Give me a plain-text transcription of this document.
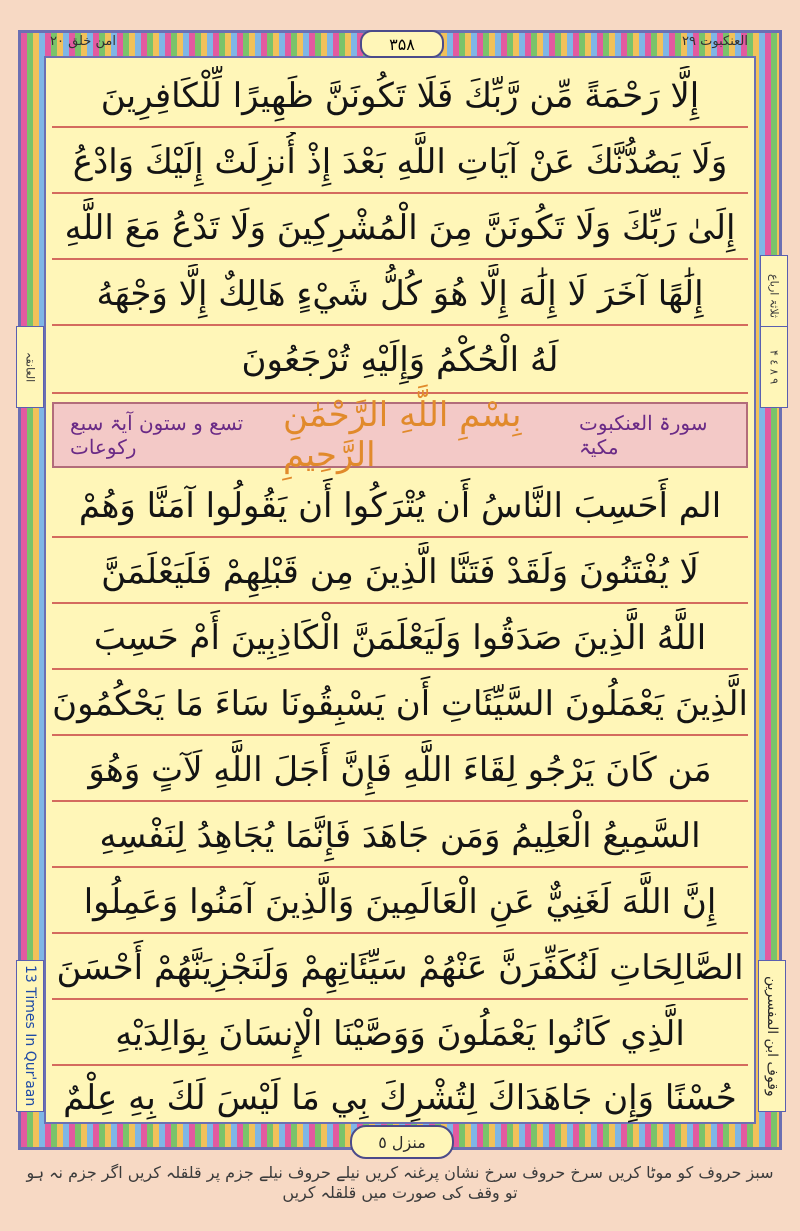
امن خلق ۲۰	۳۵۸	العنکبوت ۲۹
ثلاثۃ ارباع
العانقہ	۴ ٤ ۸ ٩
إِلَّا رَحْمَةً مِّن رَّبِّكَ فَلَا تَكُونَنَّ ظَهِيرًا لِّلْكَافِرِينَ
وَلَا يَصُدُّنَّكَ عَنْ آيَاتِ اللَّهِ بَعْدَ إِذْ أُنزِلَتْ إِلَيْكَ وَادْعُ
إِلَىٰ رَبِّكَ وَلَا تَكُونَنَّ مِنَ الْمُشْرِكِينَ وَلَا تَدْعُ مَعَ اللَّهِ
إِلَٰهًا آخَرَ لَا إِلَٰهَ إِلَّا هُوَ كُلُّ شَيْءٍ هَالِكٌ إِلَّا وَجْهَهُ
لَهُ الْحُكْمُ وَإِلَيْهِ تُرْجَعُونَ
تسع و ستون آیۃ سبع رکوعات
بِسْمِ اللَّهِ الرَّحْمَٰنِ الرَّحِيمِ
سورۃ العنکبوت مکیۃ
الم أَحَسِبَ النَّاسُ أَن يُتْرَكُوا أَن يَقُولُوا آمَنَّا وَهُمْ
لَا يُفْتَنُونَ وَلَقَدْ فَتَنَّا الَّذِينَ مِن قَبْلِهِمْ فَلَيَعْلَمَنَّ
اللَّهُ الَّذِينَ صَدَقُوا وَلَيَعْلَمَنَّ الْكَاذِبِينَ أَمْ حَسِبَ
الَّذِينَ يَعْمَلُونَ السَّيِّئَاتِ أَن يَسْبِقُونَا سَاءَ مَا يَحْكُمُونَ
مَن كَانَ يَرْجُو لِقَاءَ اللَّهِ فَإِنَّ أَجَلَ اللَّهِ لَآتٍ وَهُوَ
السَّمِيعُ الْعَلِيمُ وَمَن جَاهَدَ فَإِنَّمَا يُجَاهِدُ لِنَفْسِهِ
إِنَّ اللَّهَ لَغَنِيٌّ عَنِ الْعَالَمِينَ وَالَّذِينَ آمَنُوا وَعَمِلُوا
الصَّالِحَاتِ لَنُكَفِّرَنَّ عَنْهُمْ سَيِّئَاتِهِمْ وَلَنَجْزِيَنَّهُمْ أَحْسَنَ
الَّذِي كَانُوا يَعْمَلُونَ وَوَصَّيْنَا الْإِنسَانَ بِوَالِدَيْهِ
حُسْنًا وَإِن جَاهَدَاكَ لِتُشْرِكَ بِي مَا لَيْسَ لَكَ بِهِ عِلْمٌ
13 Times In Qur'aan	وقوف ابن المفسرین
منزل ٥
سبز حروف کو موٹا کریں سرخ حروف سرخ نشان پرغنہ کریں نیلے حروف نیلے جزم پر قلقلہ کریں اگر جزم نہ ہو تو وقف کی صورت میں قلقلہ کریں
